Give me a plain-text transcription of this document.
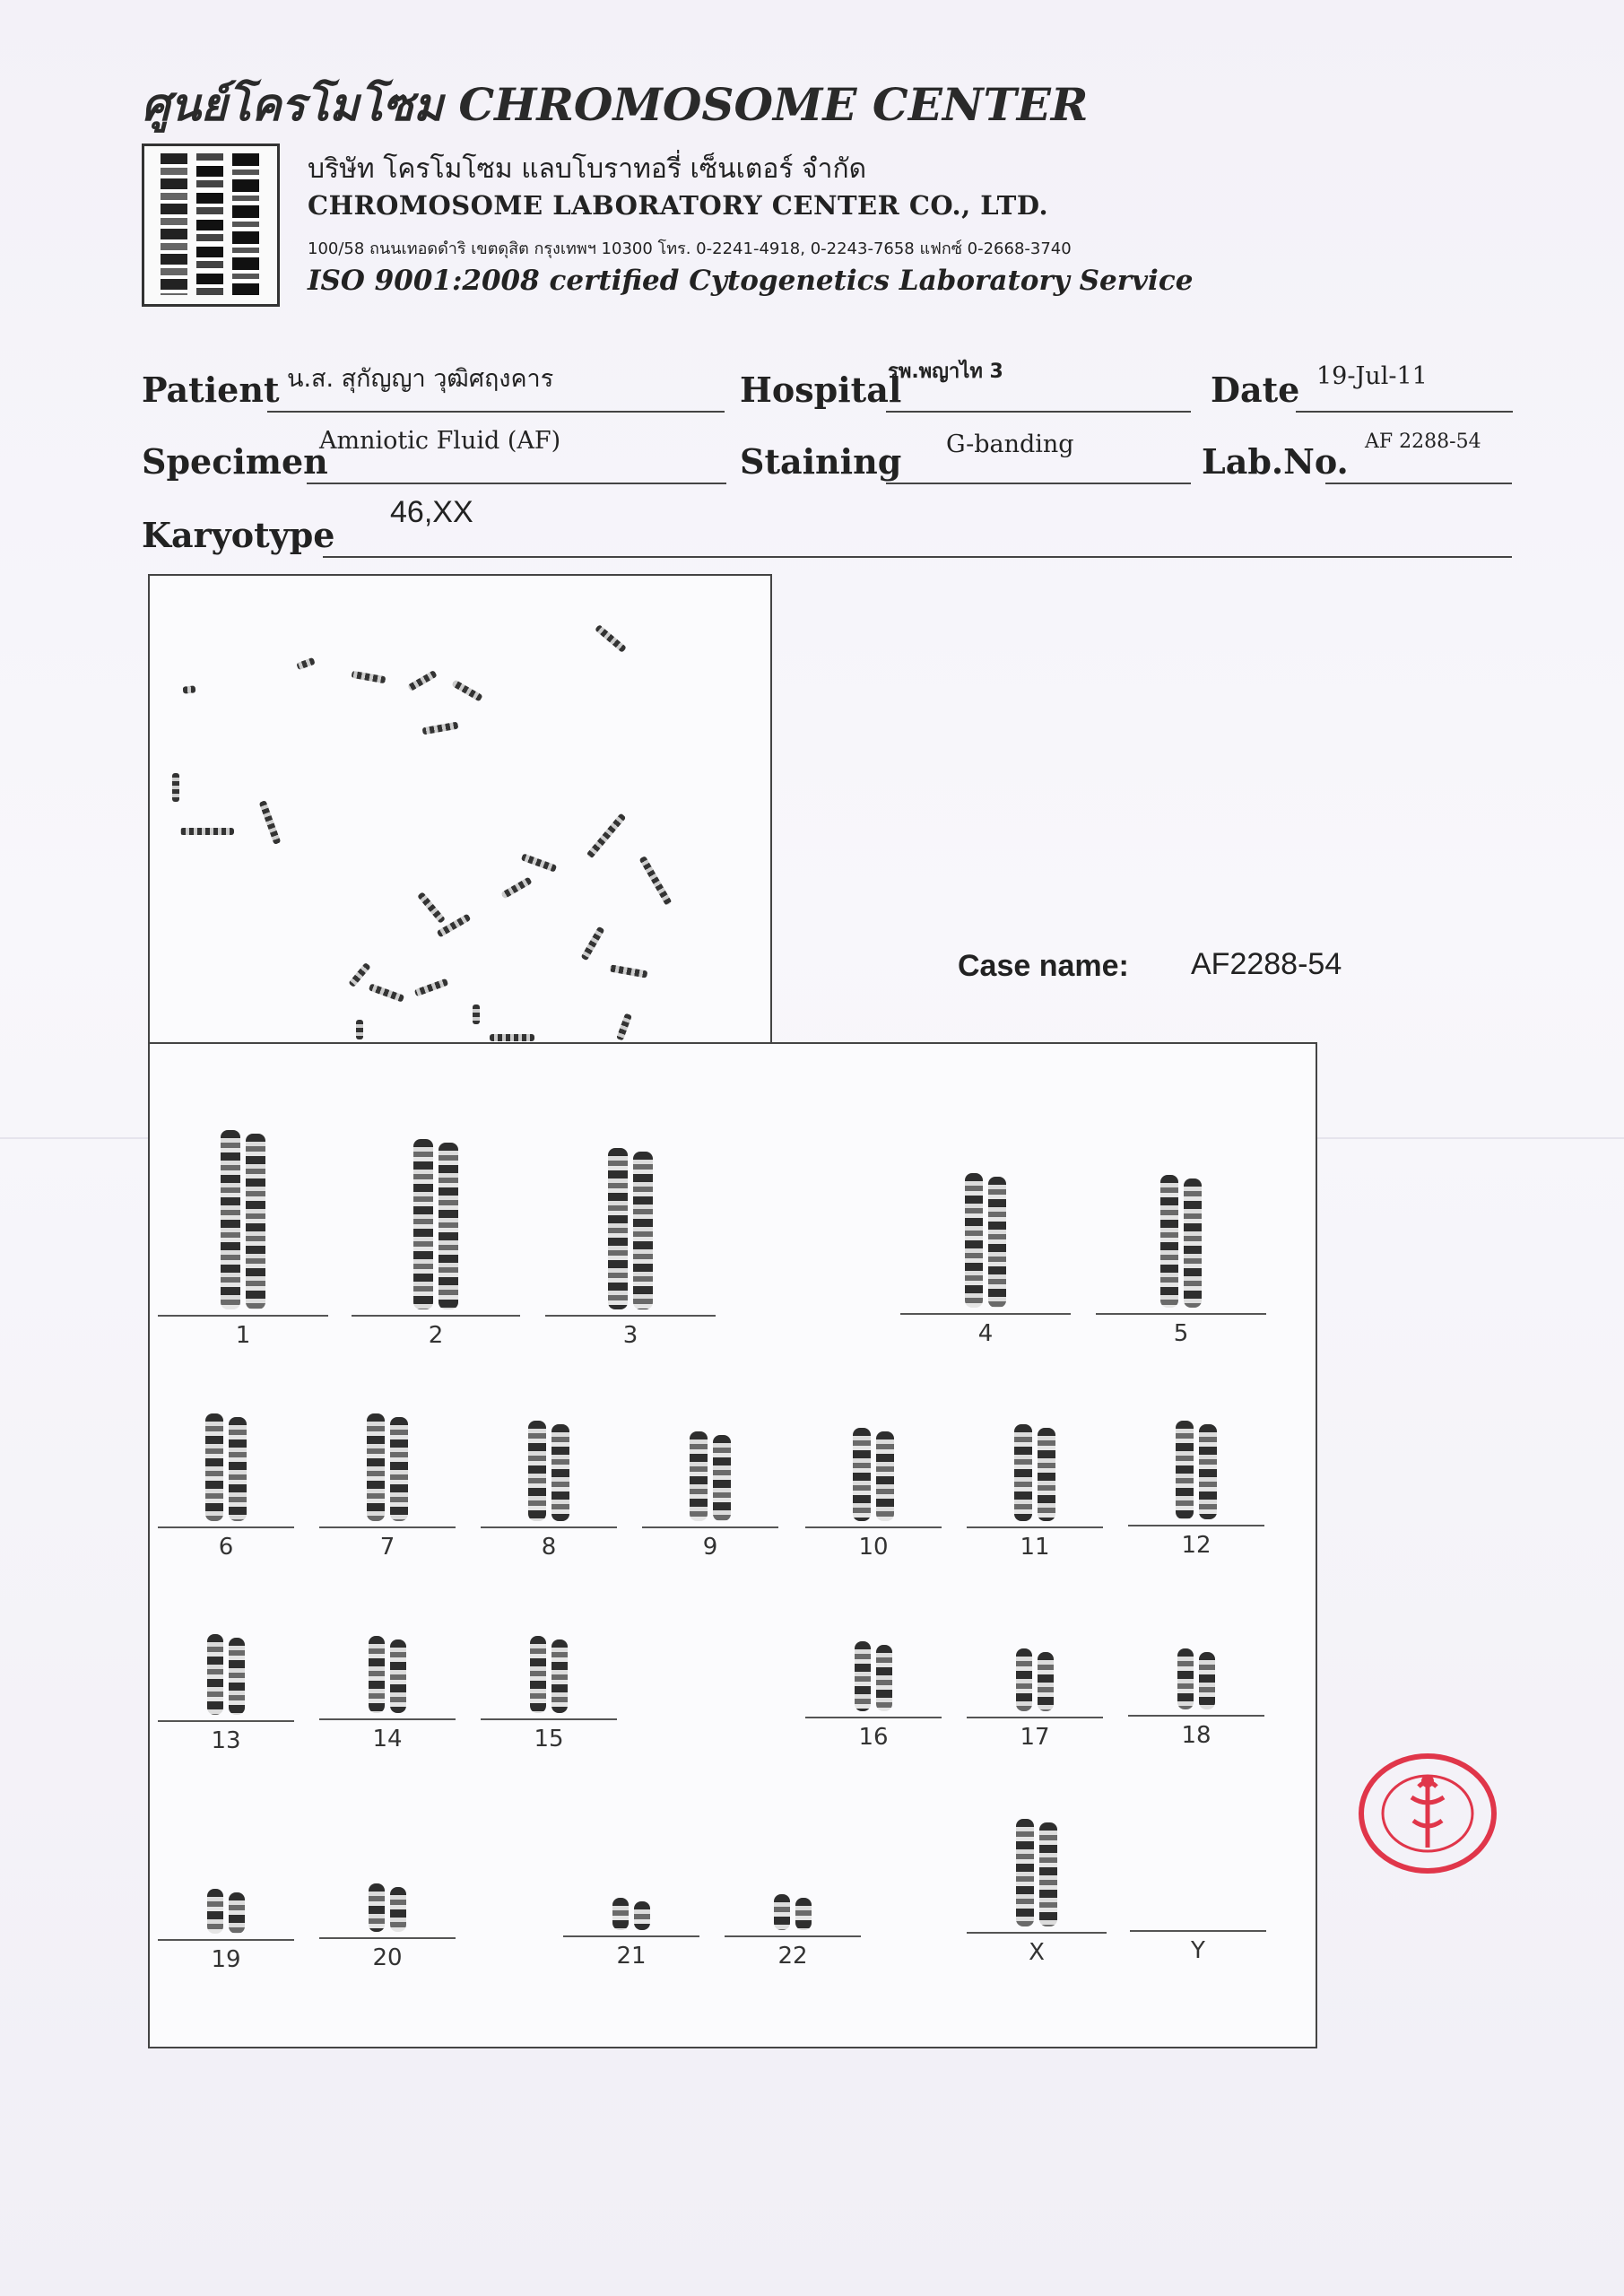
ศูนย์โครโมโซม CHROMOSOME CENTER
บริษัท โครโมโซม แลบโบราทอรี่ เซ็นเตอร์ จำกัด
CHROMOSOME LABORATORY CENTER CO., LTD.
100/58 ถนนเทอดดำริ เขตดุสิต กรุงเทพฯ 10300 โทร. 0-2241-4918, 0-2243-7658 แฟกซ์ 0-2668-3740
ISO 9001:2008 certified Cytogenetics Laboratory Service
Patient น.ส. สุกัญญา วุฒิศฤงคาร	Hospital
รพ.พญาไท 3	Date 19-Jul-11
Specimen
Amniotic Fluid (AF)
Staining G-banding	Lab.No. AF 2288-54
Karyotype
46,XX
Case name: AF2288-54
1	2	3	4	5
6	7	8	9	10	11	12
13	14	15	16	17	18
19	20	21	22	X	Y
